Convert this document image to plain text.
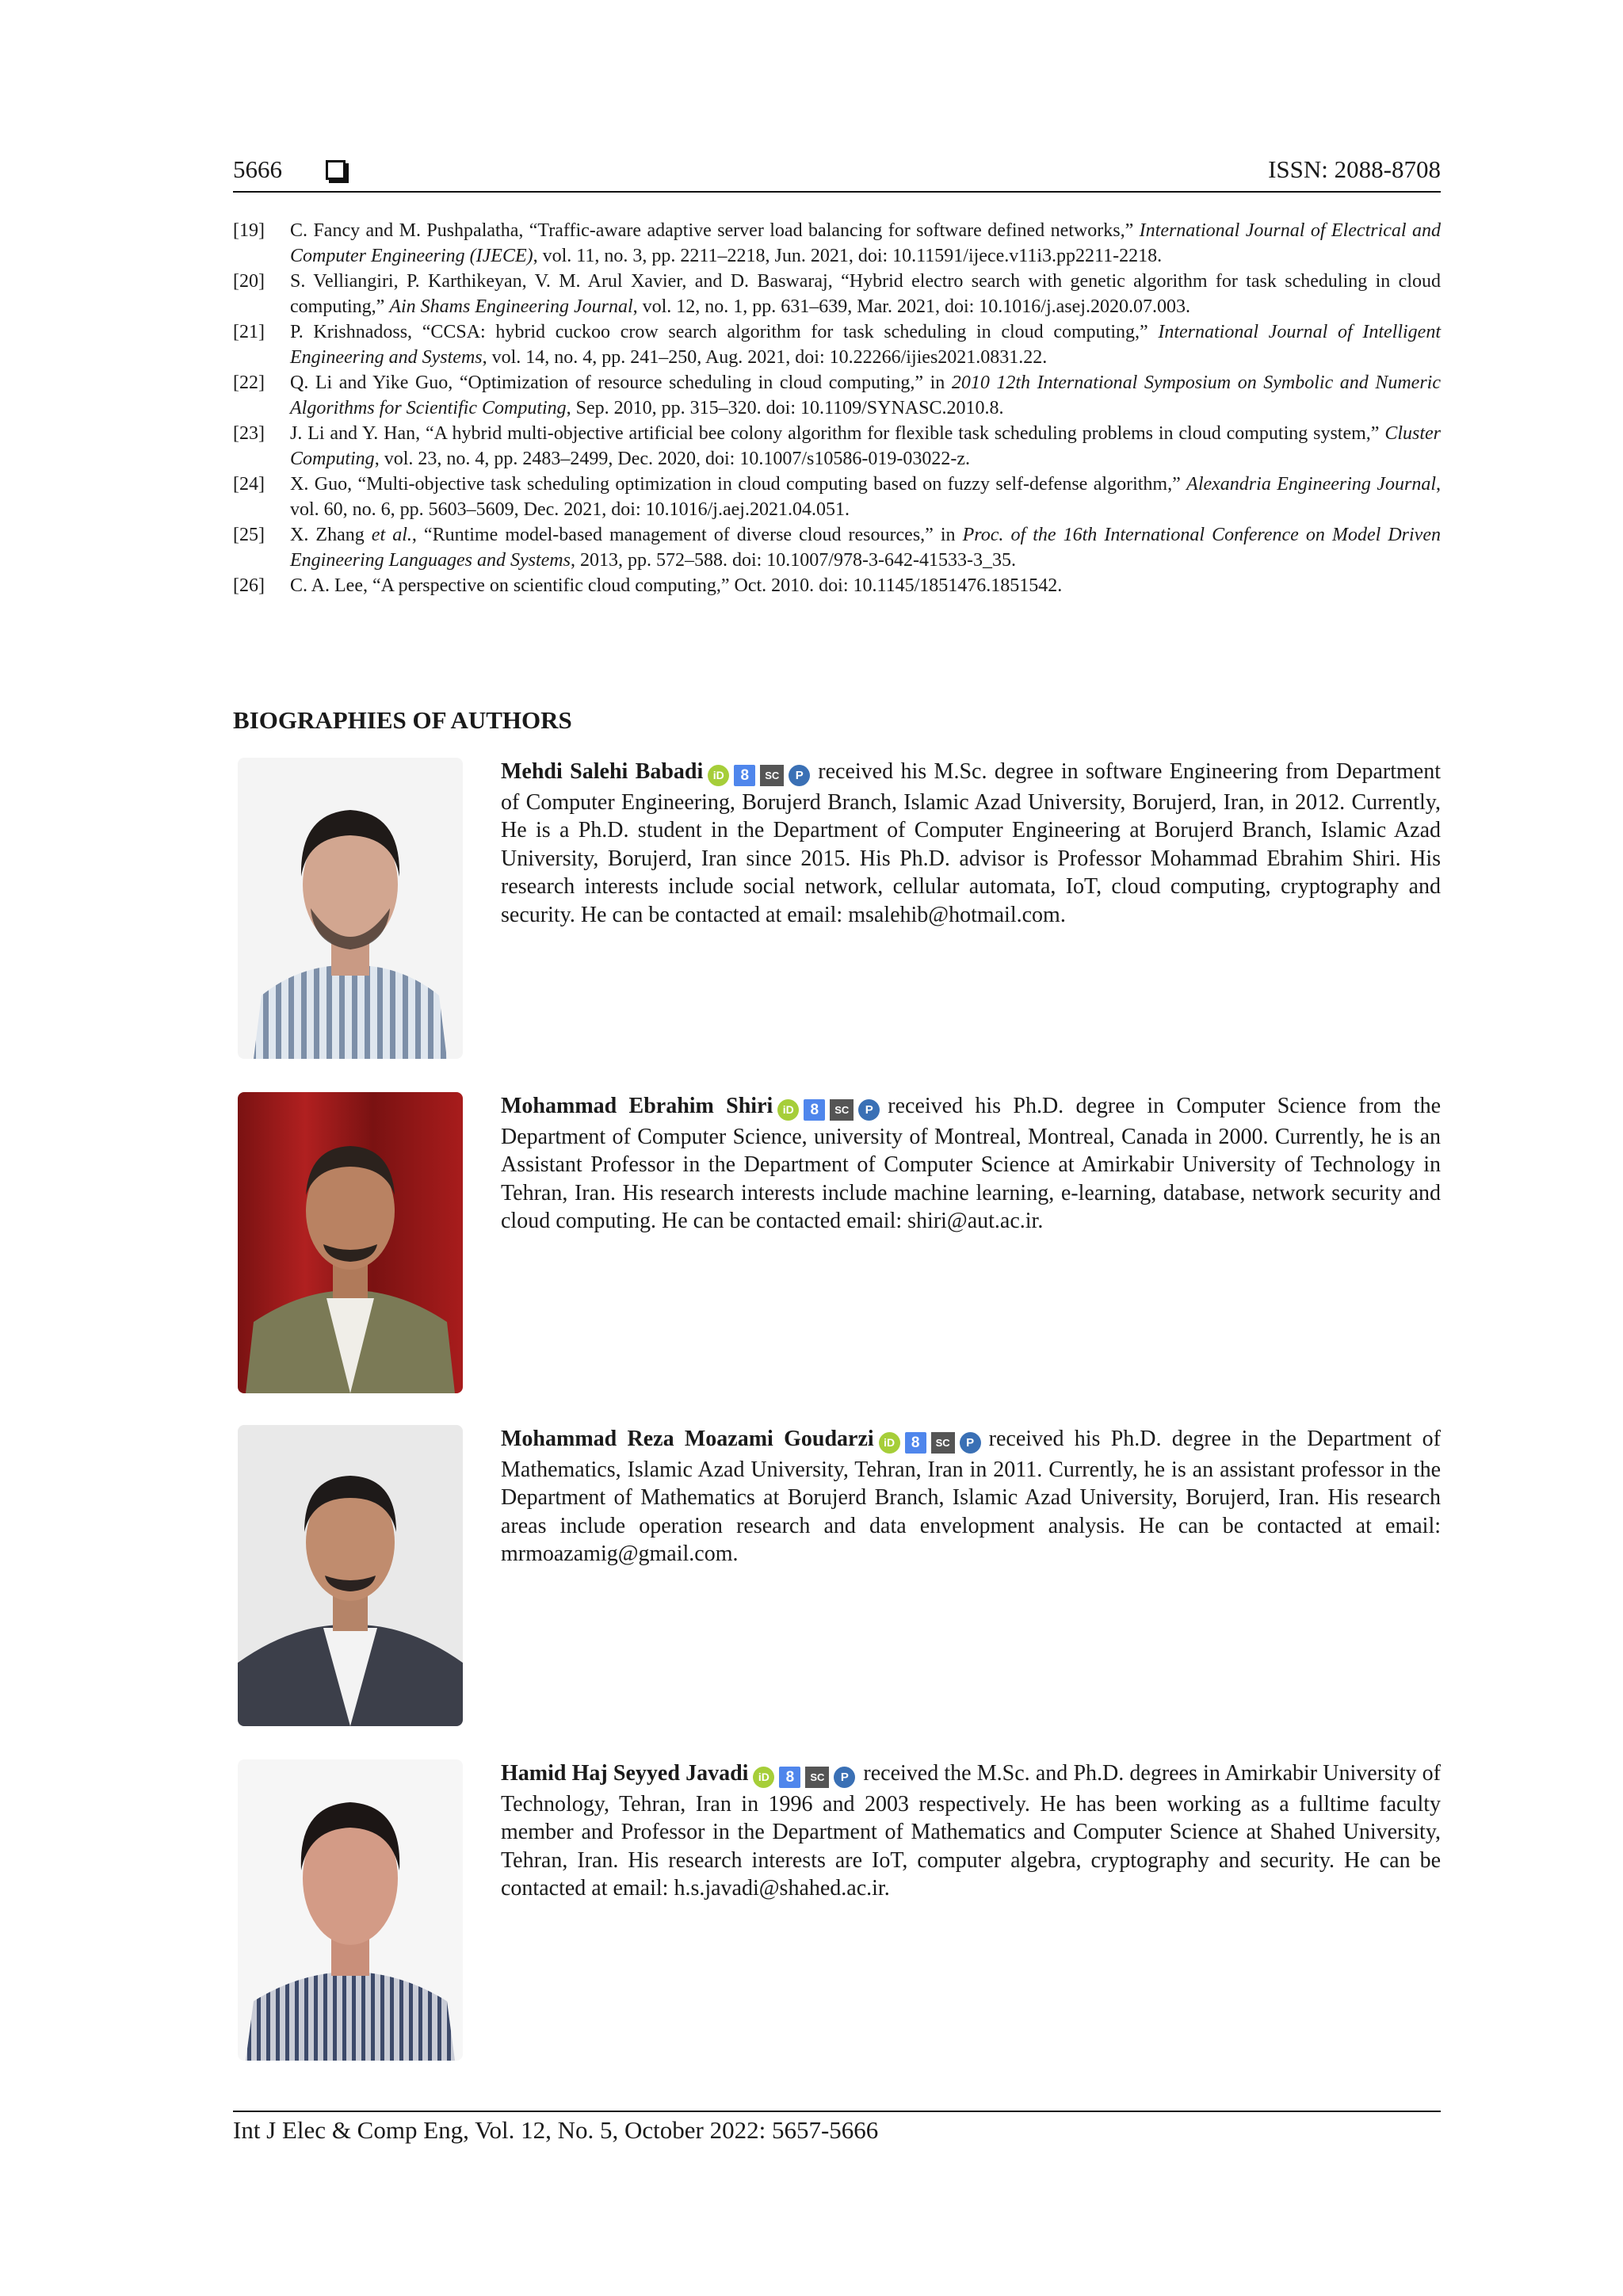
5666	ISSN: 2088-8708
[19]	C. Fancy and M. Pushpalatha, “Traffic-aware adaptive server load balancing for software defined networks,” International Journal of Electrical and Computer Engineering (IJECE), vol. 11, no. 3, pp. 2211–2218, Jun. 2021, doi: 10.11591/ijece.v11i3.pp2211-2218.
[20]	S. Velliangiri, P. Karthikeyan, V. M. Arul Xavier, and D. Baswaraj, “Hybrid electro search with genetic algorithm for task scheduling in cloud computing,” Ain Shams Engineering Journal, vol. 12, no. 1, pp. 631–639, Mar. 2021, doi: 10.1016/j.asej.2020.07.003.
[21]	P. Krishnadoss, “CCSA: hybrid cuckoo crow search algorithm for task scheduling in cloud computing,” International Journal of Intelligent Engineering and Systems, vol. 14, no. 4, pp. 241–250, Aug. 2021, doi: 10.22266/ijies2021.0831.22.
[22]	Q. Li and Yike Guo, “Optimization of resource scheduling in cloud computing,” in 2010 12th International Symposium on Symbolic and Numeric Algorithms for Scientific Computing, Sep. 2010, pp. 315–320. doi: 10.1109/SYNASC.2010.8.
[23]	J. Li and Y. Han, “A hybrid multi-objective artificial bee colony algorithm for flexible task scheduling problems in cloud computing system,” Cluster Computing, vol. 23, no. 4, pp. 2483–2499, Dec. 2020, doi: 10.1007/s10586-019-03022-z.
[24]	X. Guo, “Multi-objective task scheduling optimization in cloud computing based on fuzzy self-defense algorithm,” Alexandria Engineering Journal, vol. 60, no. 6, pp. 5603–5609, Dec. 2021, doi: 10.1016/j.aej.2021.04.051.
[25]	X. Zhang et al., “Runtime model-based management of diverse cloud resources,” in Proc. of the 16th International Conference on Model Driven Engineering Languages and Systems, 2013, pp. 572–588. doi: 10.1007/978-3-642-41533-3_35.
[26]	C. A. Lee, “A perspective on scientific cloud computing,” Oct. 2010. doi: 10.1145/1851476.1851542.
BIOGRAPHIES OF AUTHORS
Mehdi Salehi Babadi iD 8 SC P received his M.Sc. degree in software Engineering from Department of Computer Engineering, Borujerd Branch, Islamic Azad University, Borujerd, Iran, in 2012. Currently, He is a Ph.D. student in the Department of Computer Engineering at Borujerd Branch, Islamic Azad University, Borujerd, Iran since 2015. His Ph.D. advisor is Professor Mohammad Ebrahim Shiri. His research interests include social network, cellular automata, IoT, cloud computing, cryptography and security. He can be contacted at email: msalehib@hotmail.com.
Mohammad Ebrahim Shiri iD 8 SC P received his Ph.D. degree in Computer Science from the Department of Computer Science, university of Montreal, Montreal, Canada in 2000. Currently, he is an Assistant Professor in the Department of Computer Science at Amirkabir University of Technology in Tehran, Iran. His research interests include machine learning, e-learning, database, network security and cloud computing. He can be contacted email: shiri@aut.ac.ir.
Mohammad Reza Moazami Goudarzi iD 8 SC P received his Ph.D. degree in the Department of Mathematics, Islamic Azad University, Tehran, Iran in 2011. Currently, he is an assistant professor in the Department of Mathematics at Borujerd Branch, Islamic Azad University, Borujerd, Iran. His research areas include operation research and data envelopment analysis. He can be contacted at email: mrmoazamig@gmail.com.
Hamid Haj Seyyed Javadi iD 8 SC P received the M.Sc. and Ph.D. degrees in Amirkabir University of Technology, Tehran, Iran in 1996 and 2003 respectively. He has been working as a fulltime faculty member and Professor in the Department of Mathematics and Computer Science at Shahed University, Tehran, Iran. His research interests are IoT, computer algebra, cryptography and security. He can be contacted at email: h.s.javadi@shahed.ac.ir.
Int J Elec & Comp Eng, Vol. 12, No. 5, October 2022: 5657-5666
